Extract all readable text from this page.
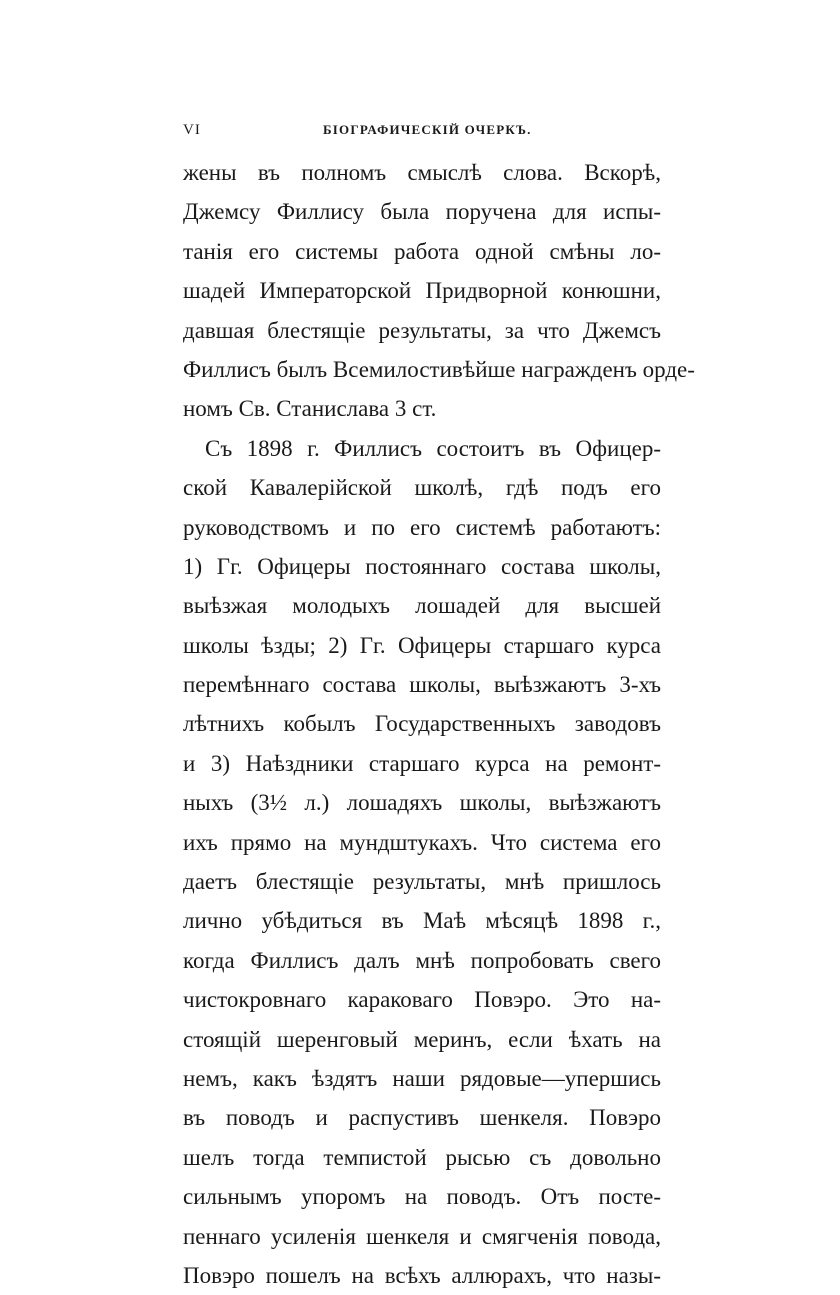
VI	БІОГРАФИЧЕСКІЙ ОЧЕРКЪ.
жены въ полномъ смыслѣ слова. Вскорѣ,
Джемсу Филлису была поручена для испы-
танія его системы работа одной смѣны ло-
шадей Императорской Придворной конюшни,
давшая блестящіе результаты, за что Джемсъ
Филлисъ былъ Всемилостивѣйше награжденъ орде-
номъ Св. Станислава 3 ст.
Съ 1898 г. Филлисъ состоитъ въ Офицер-
ской Кавалерійской школѣ, гдѣ подъ его
руководствомъ и по его системѣ работаютъ:
1) Гг. Офицеры постояннаго состава школы,
выѣзжая молодыхъ лошадей для высшей
школы ѣзды; 2) Гг. Офицеры старшаго курса
перемѣннаго состава школы, выѣзжаютъ 3-хъ
лѣтнихъ кобылъ Государственныхъ заводовъ
и 3) Наѣздники старшаго курса на ремонт-
ныхъ (3½ л.) лошадяхъ школы, выѣзжаютъ
ихъ прямо на мундштукахъ. Что система его
даетъ блестящіе результаты, мнѣ пришлось
лично убѣдиться въ Маѣ мѣсяцѣ 1898 г.,
когда Филлисъ далъ мнѣ попробовать свего
чистокровнаго караковаго Повэро. Это на-
стоящій шеренговый меринъ, если ѣхать на
немъ, какъ ѣздятъ наши рядовые—упершись
въ поводъ и распустивъ шенкеля. Повэро
шелъ тогда темпистой рысью съ довольно
сильнымъ упоромъ на поводъ. Отъ посте-
пеннаго усиленія шенкеля и смягченія повода,
Повэро пошелъ на всѣхъ аллюрахъ, что назы-
